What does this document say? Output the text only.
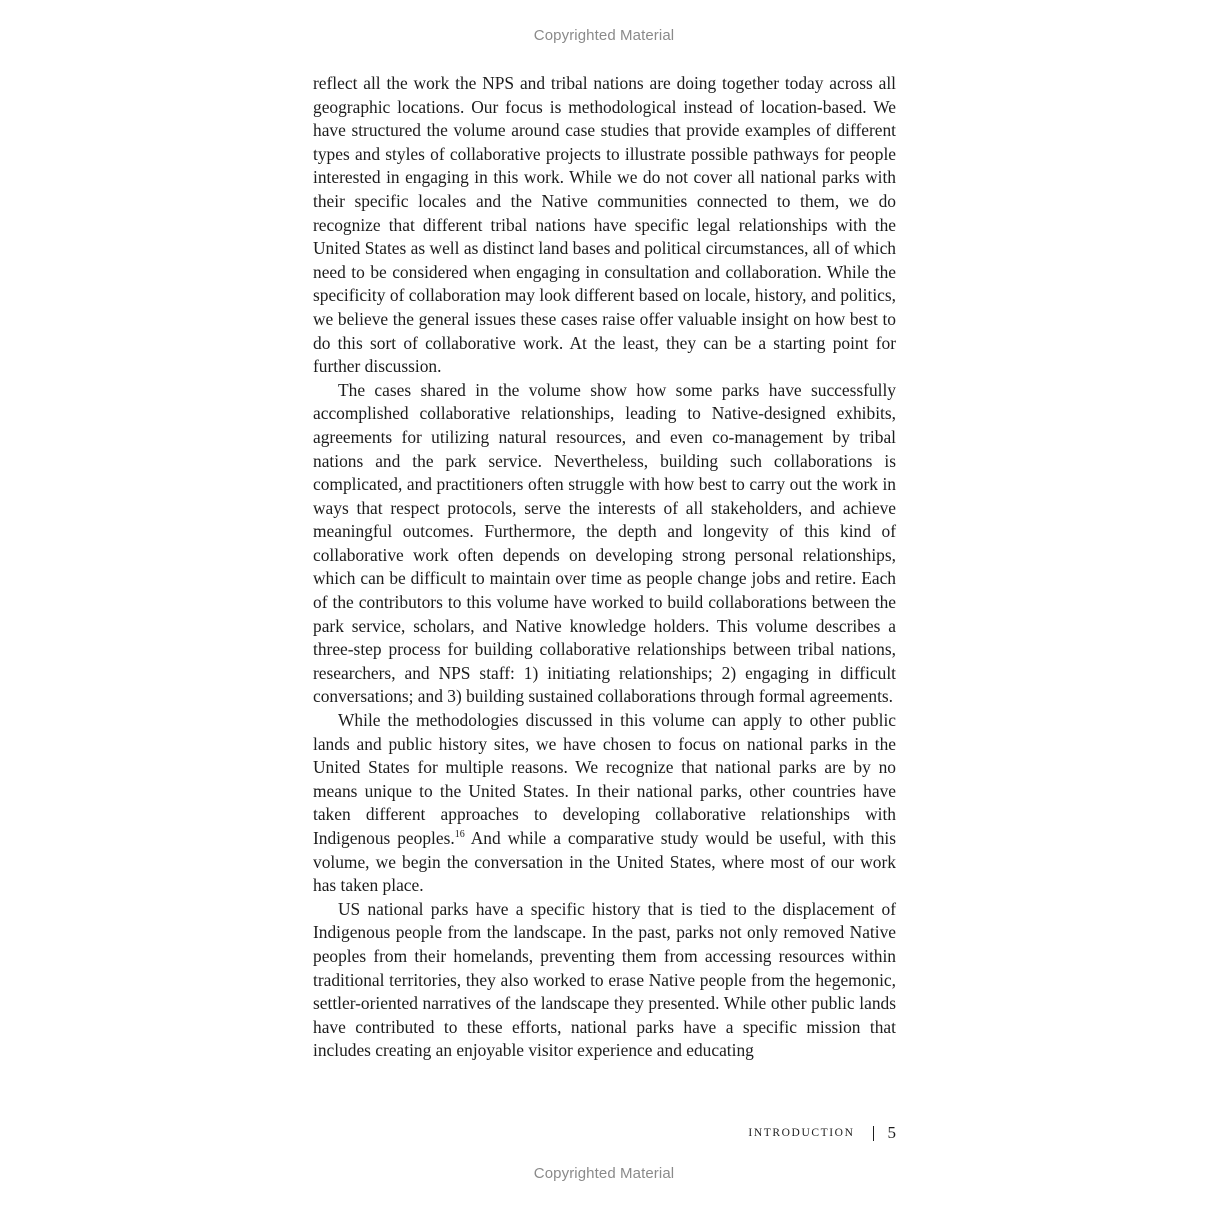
Copyrighted Material

reflect all the work the NPS and tribal nations are doing together today across all geographic locations. Our focus is methodological instead of location-based. We have structured the volume around case studies that provide examples of different types and styles of collaborative projects to illustrate possible pathways for people interested in engaging in this work. While we do not cover all national parks with their specific locales and the Native communities connected to them, we do recognize that different tribal nations have specific legal relationships with the United States as well as distinct land bases and political circumstances, all of which need to be considered when engaging in consultation and collaboration. While the specificity of collaboration may look different based on locale, history, and politics, we believe the general issues these cases raise offer valuable insight on how best to do this sort of collaborative work. At the least, they can be a starting point for further discussion.

The cases shared in the volume show how some parks have successfully accomplished collaborative relationships, leading to Native-designed exhibits, agreements for utilizing natural resources, and even co-management by tribal nations and the park service. Nevertheless, building such collaborations is complicated, and practitioners often struggle with how best to carry out the work in ways that respect protocols, serve the interests of all stakeholders, and achieve meaningful outcomes. Furthermore, the depth and longevity of this kind of collaborative work often depends on developing strong personal relationships, which can be difficult to maintain over time as people change jobs and retire. Each of the contributors to this volume have worked to build collaborations between the park service, scholars, and Native knowledge holders. This volume describes a three-step process for building collaborative relationships between tribal nations, researchers, and NPS staff: 1) initiating relationships; 2) engaging in difficult conversations; and 3) building sustained collaborations through formal agreements.

While the methodologies discussed in this volume can apply to other public lands and public history sites, we have chosen to focus on national parks in the United States for multiple reasons. We recognize that national parks are by no means unique to the United States. In their national parks, other countries have taken different approaches to developing collaborative relationships with Indigenous peoples.$^{16}$ And while a comparative study would be useful, with this volume, we begin the conversation in the United States, where most of our work has taken place.

US national parks have a specific history that is tied to the displacement of Indigenous people from the landscape. In the past, parks not only removed Native peoples from their homelands, preventing them from accessing resources within traditional territories, they also worked to erase Native people from the hegemonic, settler-oriented narratives of the landscape they presented. While other public lands have contributed to these efforts, national parks have a specific mission that includes creating an enjoyable visitor experience and educating

INTRODUCTION 5
Copyrighted Material
